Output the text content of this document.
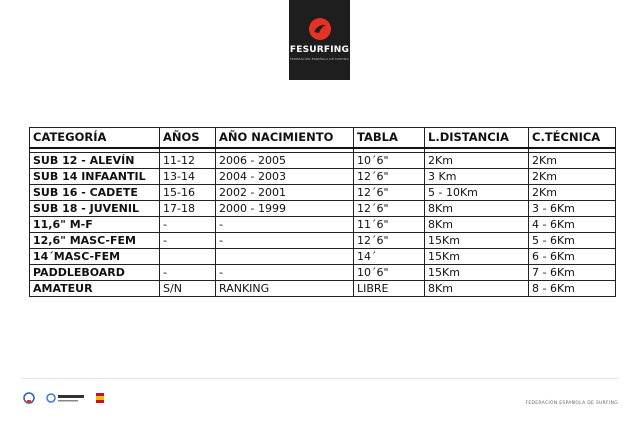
FESURFING
FEDERACIÓN ESPAÑOLA DE SURFING
CATEGORÍA	AÑOS	AÑO NACIMIENTO	TABLA	L.DISTANCIA	C.TÉCNICA

SUB 12 - ALEVÍN	11-12	2006 - 2005	10´6"	2Km	2Km
SUB 14 INFAANTIL	13-14	2004 - 2003	12´6"	3 Km	2Km
SUB 16 - CADETE	15-16	2002 - 2001	12´6"	5 - 10Km	2Km
SUB 18 - JUVENIL	17-18	2000 - 1999	12´6"	8Km	3 - 6Km
11,6" M-F	-	-	11´6"	8Km	4 - 6Km
12,6" MASC-FEM	-	-	12´6"	15Km	5 - 6Km
14´MASC-FEM			14´	15Km	6 - 6Km
PADDLEBOARD	-	-	10´6"	15Km	7 - 6Km
AMATEUR	S/N	RANKING	LIBRE	8Km	8 - 6Km
FEDERACIÓN ESPAÑOLA DE SURFING
